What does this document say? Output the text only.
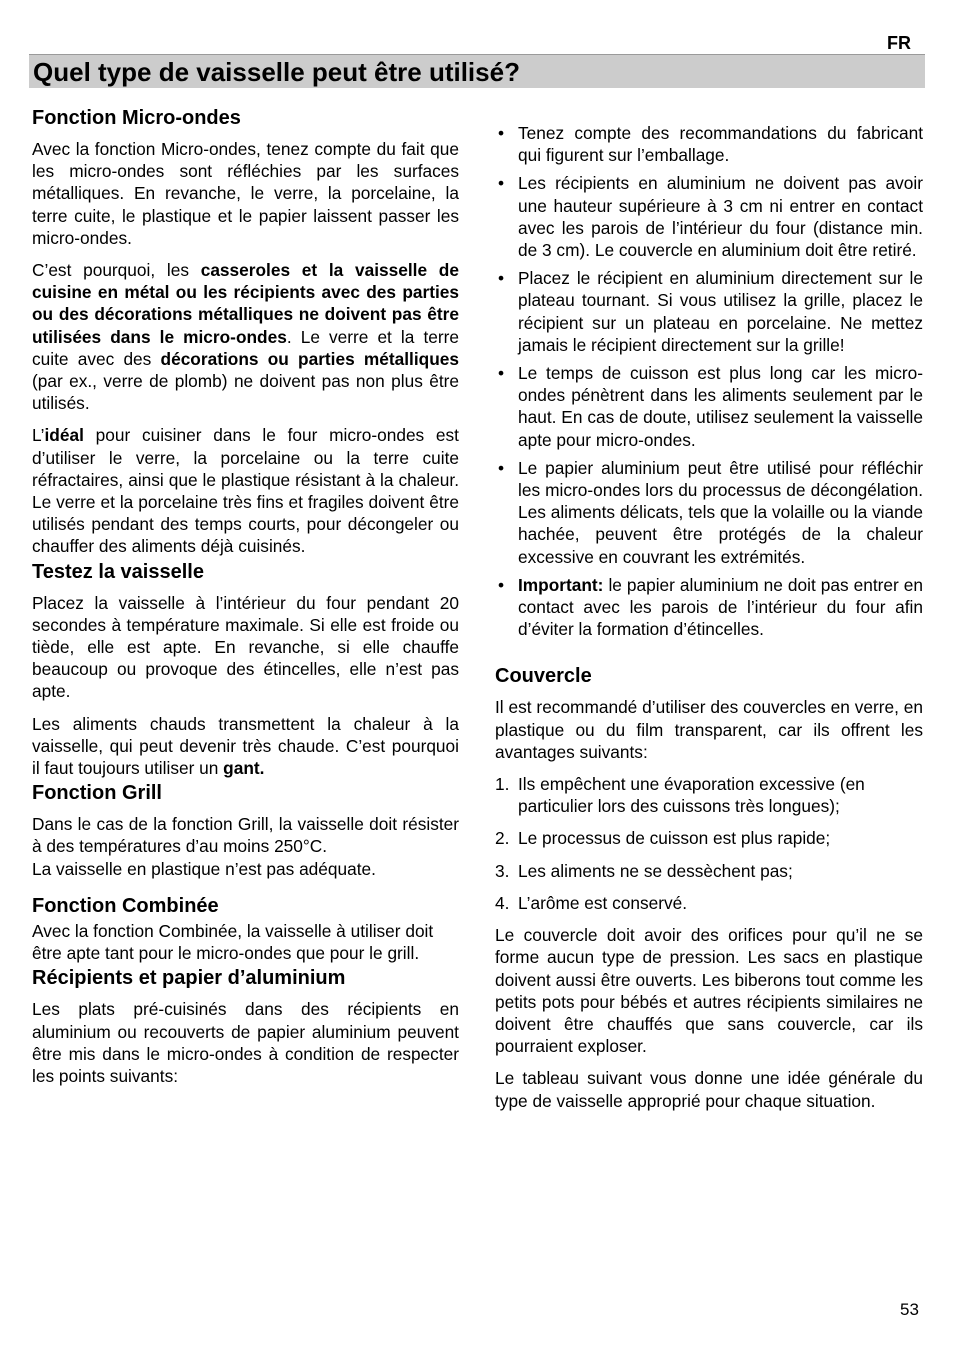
FR
Quel type de vaisselle peut être utilisé?
Fonction Micro-ondes

Avec la fonction Micro-ondes, tenez compte du fait que les micro-ondes sont réfléchies par les surfaces métalliques. En revanche, le verre, la porcelaine, la terre cuite, le plastique et le papier laissent passer les micro-ondes.

C’est pourquoi, les casseroles et la vaisselle de cuisine en métal ou les récipients avec des parties ou des décorations métalliques ne doivent pas être utilisées dans le micro-ondes. Le verre et la terre cuite avec des décorations ou parties métalliques (par ex., verre de plomb) ne doivent pas non plus être utilisés.

L’idéal pour cuisiner dans le four micro-ondes est d’utiliser le verre, la porcelaine ou la terre cuite réfractaires, ainsi que le plastique résistant à la chaleur. Le verre et la porcelaine très fins et fragiles doivent être utilisés pendant des temps courts, pour décongeler ou chauffer des aliments déjà cuisinés.

Testez la vaisselle

Placez la vaisselle à l’intérieur du four pendant 20 secondes à température maximale. Si elle est froide ou tiède, elle est apte. En revanche, si elle chauffe beaucoup ou provoque des étincelles, elle n’est pas apte.

Les aliments chauds transmettent la chaleur à la vaisselle, qui peut devenir très chaude. C’est pourquoi il faut toujours utiliser un gant.

Fonction Grill

Dans le cas de la fonction Grill, la vaisselle doit résister à des températures d’au moins 250°C.

La vaisselle en plastique n’est pas adéquate.

Fonction Combinée

Avec la fonction Combinée, la vaisselle à utiliser doit être apte tant pour le micro-ondes que pour le grill.

Récipients et papier d’aluminium

Les plats pré-cuisinés dans des récipients en aluminium ou recouverts de papier aluminium peuvent être mis dans le micro-ondes à condition de respecter les points suivants:

• Tenez compte des recommandations du fabricant qui figurent sur l’emballage.
• Les récipients en aluminium ne doivent pas avoir une hauteur supérieure à 3 cm ni entrer en contact avec les parois de l’intérieur du four (distance min. de 3 cm). Le couvercle en aluminium doit être retiré.
• Placez le récipient en aluminium directement sur le plateau tournant. Si vous utilisez la grille, placez le récipient sur un plateau en porcelaine. Ne mettez jamais le récipient directement sur la grille!
• Le temps de cuisson est plus long car les micro-ondes pénètrent dans les aliments seulement par le haut. En cas de doute, utilisez seulement la vaisselle apte pour micro-ondes.
• Le papier aluminium peut être utilisé pour réfléchir les micro-ondes lors du processus de décongélation. Les aliments délicats, tels que la volaille ou la viande hachée, peuvent être protégés de la chaleur excessive en couvrant les extrémités.
• Important: le papier aluminium ne doit pas entrer en contact avec les parois de l’intérieur du four afin d’éviter la formation d’étincelles.
Couvercle

Il est recommandé d’utiliser des couvercles en verre, en plastique ou du film transparent, car ils offrent les avantages suivants:

1. Ils empêchent une évaporation excessive (en particulier lors des cuissons très longues);
2. Le processus de cuisson est plus rapide;
3. Les aliments ne se dessèchent pas;
4. L’arôme est conservé.

Le couvercle doit avoir des orifices pour qu’il ne se forme aucun type de pression. Les sacs en plastique doivent aussi être ouverts. Les biberons tout comme les petits pots pour bébés et autres récipients similaires ne doivent être chauffés que sans couvercle, car ils pourraient exploser.

Le tableau suivant vous donne une idée générale du type de vaisselle approprié pour chaque situation.

53
